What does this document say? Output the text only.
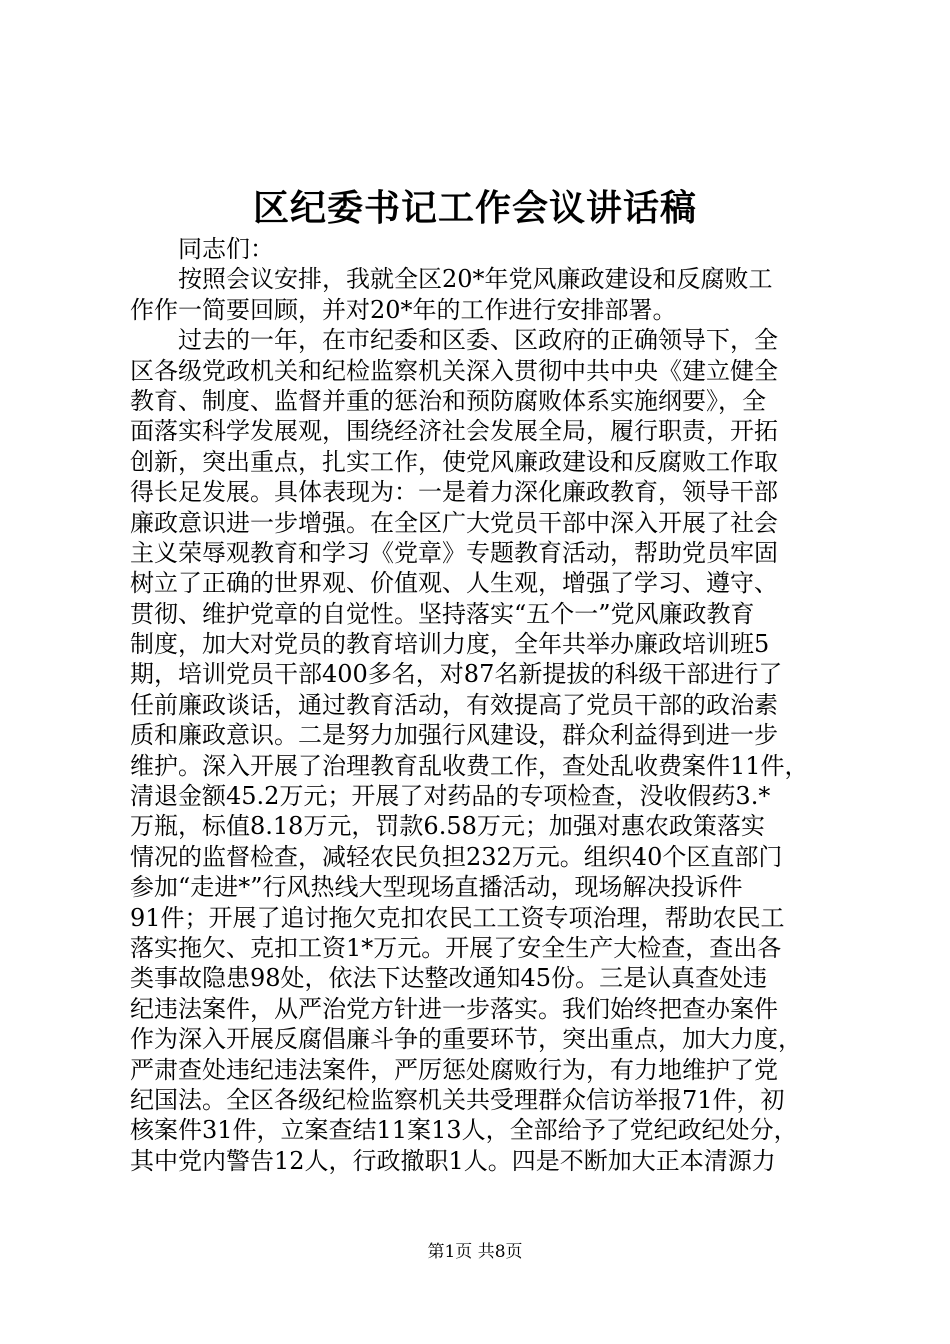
区纪委书记工作会议讲话稿
同志们：
按照会议安排，我就全区20*年党风廉政建设和反腐败工
作作一简要回顾，并对20*年的工作进行安排部署。
过去的一年，在市纪委和区委、区政府的正确领导下，全
区各级党政机关和纪检监察机关深入贯彻中共中央《建立健全
教育、制度、监督并重的惩治和预防腐败体系实施纲要》，全
面落实科学发展观，围绕经济社会发展全局，履行职责，开拓
创新，突出重点，扎实工作，使党风廉政建设和反腐败工作取
得长足发展。具体表现为：一是着力深化廉政教育，领导干部
廉政意识进一步增强。在全区广大党员干部中深入开展了社会
主义荣辱观教育和学习《党章》专题教育活动，帮助党员牢固
树立了正确的世界观、价值观、人生观，增强了学习、遵守、
贯彻、维护党章的自觉性。坚持落实“五个一”党风廉政教育
制度，加大对党员的教育培训力度，全年共举办廉政培训班5
期，培训党员干部400多名，对87名新提拔的科级干部进行了
任前廉政谈话，通过教育活动，有效提高了党员干部的政治素
质和廉政意识。二是努力加强行风建设，群众利益得到进一步
维护。深入开展了治理教育乱收费工作，查处乱收费案件11件，
清退金额45.2万元；开展了对药品的专项检查，没收假药3.*
万瓶，标值8.18万元，罚款6.58万元；加强对惠农政策落实
情况的监督检查，减轻农民负担232万元。组织40个区直部门
参加“走进*”行风热线大型现场直播活动，现场解决投诉件
91件；开展了追讨拖欠克扣农民工工资专项治理，帮助农民工
落实拖欠、克扣工资1*万元。开展了安全生产大检查，查出各
类事故隐患98处，依法下达整改通知45份。三是认真查处违
纪违法案件，从严治党方针进一步落实。我们始终把查办案件
作为深入开展反腐倡廉斗争的重要环节，突出重点，加大力度，
严肃查处违纪违法案件，严厉惩处腐败行为，有力地维护了党
纪国法。全区各级纪检监察机关共受理群众信访举报71件，初
核案件31件，立案查结11案13人，全部给予了党纪政纪处分，
其中党内警告12人，行政撤职1人。四是不断加大正本清源力
第1页 共8页
